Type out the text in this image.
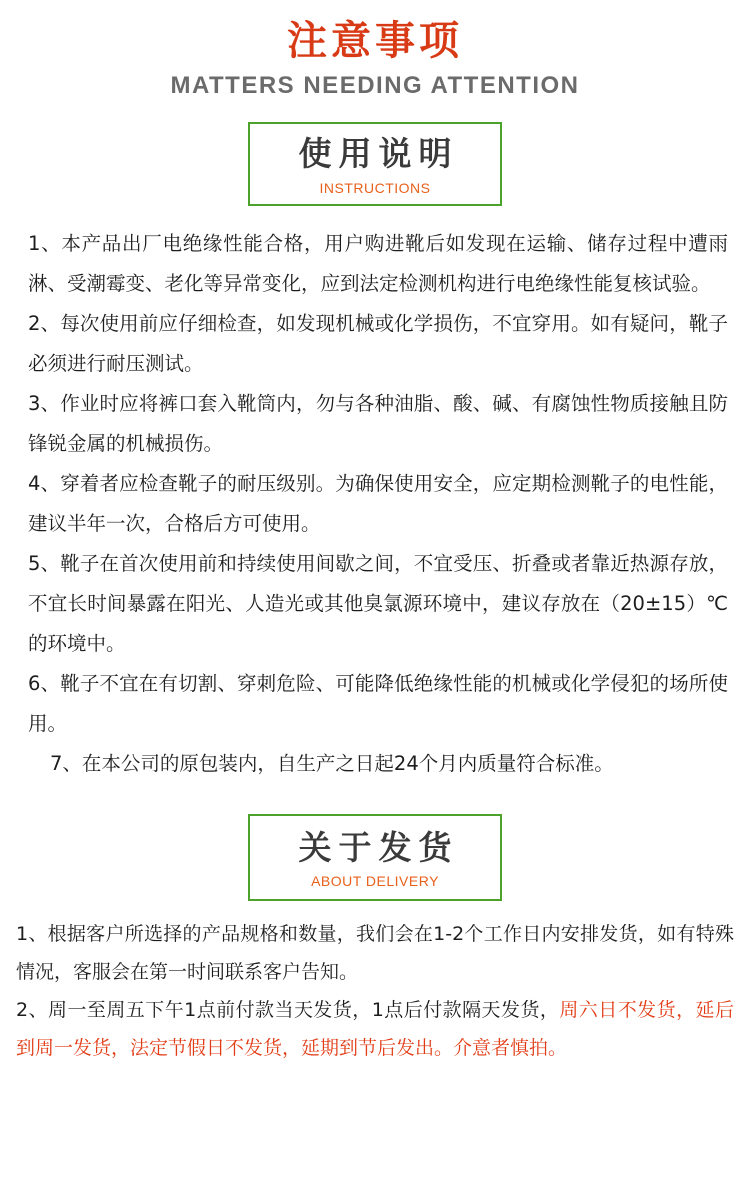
注意事项
MATTERS NEEDING ATTENTION
使用说明
INSTRUCTIONS

1、本产品出厂电绝缘性能合格，用户购进靴后如发现在运输、储存过程中遭雨淋、受潮霉变、老化等异常变化，应到法定检测机构进行电绝缘性能复核试验。

2、每次使用前应仔细检查，如发现机械或化学损伤，不宜穿用。如有疑问，靴子必须进行耐压测试。

3、作业时应将裤口套入靴筒内，勿与各种油脂、酸、碱、有腐蚀性物质接触且防锋锐金属的机械损伤。

4、穿着者应检查靴子的耐压级别。为确保使用安全，应定期检测靴子的电性能，建议半年一次，合格后方可使用。

5、靴子在首次使用前和持续使用间歇之间，不宜受压、折叠或者靠近热源存放，不宜长时间暴露在阳光、人造光或其他臭氯源环境中，建议存放在（20±15）℃的环境中。

6、靴子不宜在有切割、穿刺危险、可能降低绝缘性能的机械或化学侵犯的场所使用。

7、在本公司的原包装内，自生产之日起24个月内质量符合标准。

关于发货
ABOUT DELIVERY

1、根据客户所选择的产品规格和数量，我们会在1-2个工作日内安排发货，如有特殊情况，客服会在第一时间联系客户告知。

2、周一至周五下午1点前付款当天发货，1点后付款隔天发货，周六日不发货，延后到周一发货，法定节假日不发货，延期到节后发出。介意者慎拍。
